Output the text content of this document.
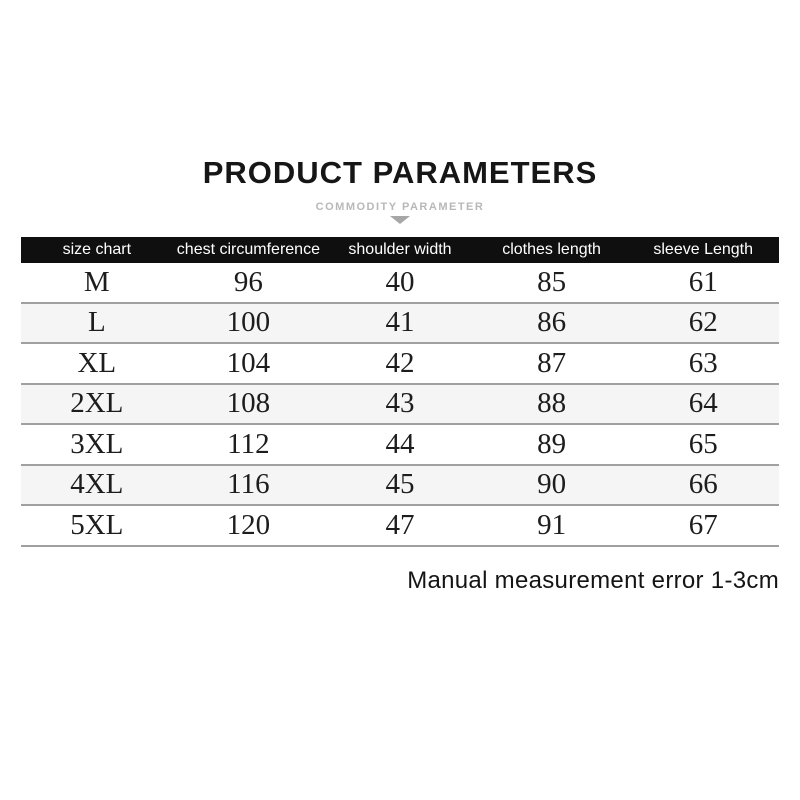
PRODUCT PARAMETERS
COMMODITY PARAMETER
size chart	chest circumference	shoulder width	clothes length	sleeve Length
M	96	40	85	61
L	100	41	86	62
XL	104	42	87	63
2XL	108	43	88	64
3XL	112	44	89	65
4XL	116	45	90	66
5XL	120	47	91	67
Manual measurement error 1-3cm
